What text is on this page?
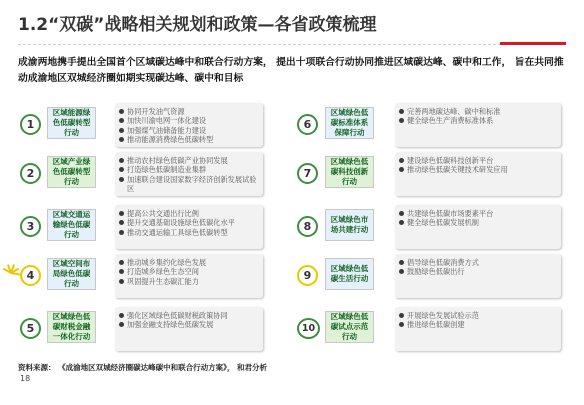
1.2“双碳”战略相关规划和政策—各省政策梳理
成渝两地携手提出全国首个区域碳达峰中和联合行动方案， 提出十项联合行动协同推进区域碳达峰、碳中和工作， 旨在共同推动成渝地区双城经济圈如期实现碳达峰、碳中和目标
1
区域能源绿色低碳转型行动
协同开发油气资源
加快川渝电网一体化建设
加强煤气油储备能力建设
推动能源消费绿色低碳转型
2
区域产业绿色低碳转型行动
推动农村绿色低碳产业协同发展
打造绿色低碳制造业集群
加速联合建设国家数字经济创新发展试验 区
3
区域交通运输绿色低碳行动
提高公共交通出行比例
提升交通基础设施绿色低碳化水平
推动交通运输工具绿色低碳转型
4
区域空间布局绿色低碳行动
推动城乡集约化绿色发展
打造城乡绿色生态空间
巩固提升生态碳汇能力
5
区域绿色低碳财税金融一体化行动
强化区域绿色低碳财税政策协同
加强金融支持绿色低碳发展
6
区域绿色低碳标准体系保障行动
完善两地碳达峰、碳中和标准
健全绿色生产消费标准体系
7
区域绿色低碳科技创新行动
建设绿色低碳科技创新平台
推动绿色低碳关键技术研发应用
8
区域绿色市场共建行动
共建绿色低碳市场要素平台
健全绿色低碳发展机制
9
区域绿色低碳生活行动
倡导绿色低碳消费方式
鼓励绿色低碳出行
10
区域绿色低碳试点示范行动
开展绿色发展试验示范
推进绿色低碳创建
资料来源： 《成渝地区双城经济圈碳达峰碳中和联合行动方案》， 和君分析
18
